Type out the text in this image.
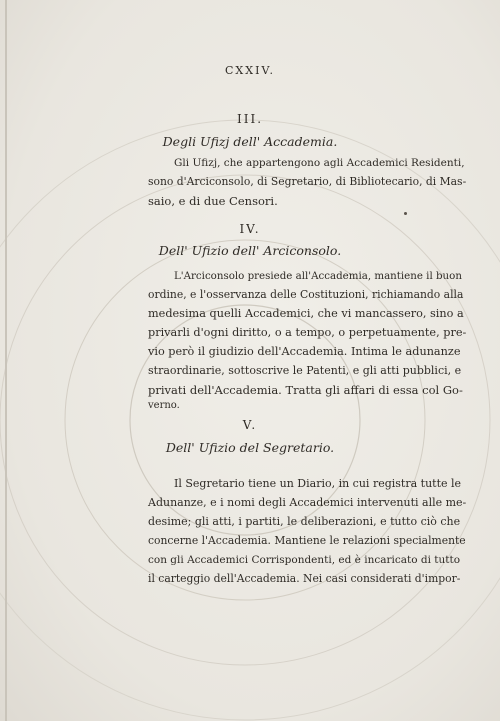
CXXIV.
III.
Degli Ufizj dell' Accademia.
Gli Ufizj, che appartengono agli Accademici Residenti,
sono d'Arciconsolo, di Segretario, di Bibliotecario, di Mas-
saio, e di due Censori.
IV.
Dell' Ufizio dell' Arciconsolo.
L'Arciconsolo presiede all'Accademia, mantiene il buon
ordine, e l'osservanza delle Costituzioni, richiamando alla
medesima quelli Accademici, che vi mancassero, sino a
privarli d'ogni diritto, o a tempo, o perpetuamente, pre-
vio però il giudizio dell'Accademia. Intima le adunanze
straordinarie, sottoscrive le Patenti, e gli atti pubblici, e
privati dell'Accademia. Tratta gli affari di essa col Go-
verno.
V.
Dell' Ufizio del Segretario.
Il Segretario tiene un Diario, in cui registra tutte le
Adunanze, e i nomi degli Accademici intervenuti alle me-
desime; gli atti, i partiti, le deliberazioni, e tutto ciò che
concerne l'Accademia. Mantiene le relazioni specialmente
con gli Accademici Corrispondenti, ed è incaricato di tutto
il carteggio dell'Accademia. Nei casi considerati d'impor-
